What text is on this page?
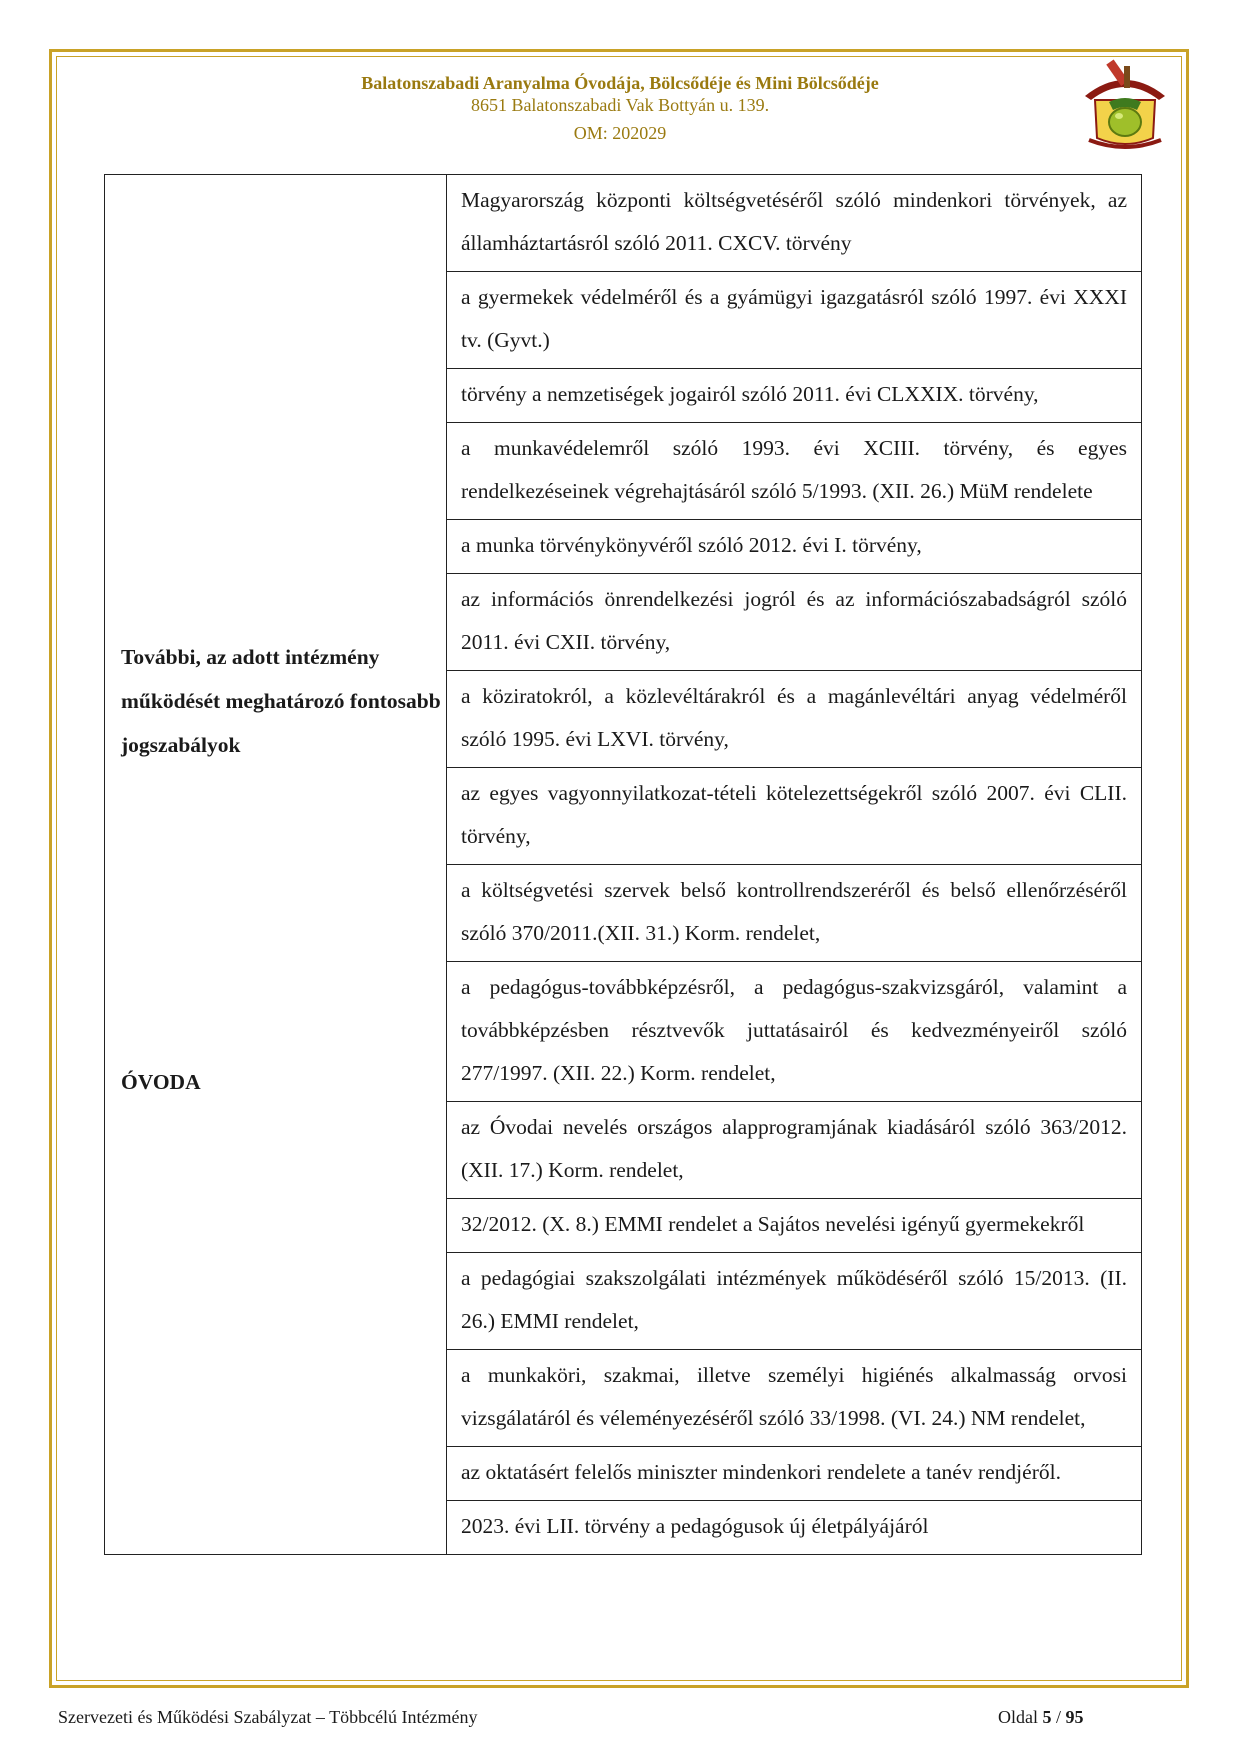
Balatonszabadi Aranyalma Óvodája, Bölcsődéje és Mini Bölcsődéje
8651 Balatonszabadi Vak Bottyán u. 139.
OM: 202029
További, az adott intézmény működését meghatározó fontosabb jogszabályok
ÓVODA
	Magyarország központi költségvetéséről szóló mindenkori törvények, az államháztartásról szóló 2011. CXCV. törvény
a gyermekek védelméről és a gyámügyi igazgatásról szóló 1997. évi XXXI tv. (Gyvt.)
törvény a nemzetiségek jogairól szóló 2011. évi CLXXIX. törvény,
a munkavédelemről szóló 1993. évi XCIII. törvény, és egyes rendelkezéseinek végrehajtásáról szóló 5/1993. (XII. 26.) MüM rendelete
a munka törvénykönyvéről szóló 2012. évi I. törvény,
az információs önrendelkezési jogról és az információszabadságról szóló 2011. évi CXII. törvény,
a köziratokról, a közlevéltárakról és a magánlevéltári anyag védelméről szóló 1995. évi LXVI. törvény,
az egyes vagyonnyilatkozat-tételi kötelezettségekről szóló 2007. évi CLII. törvény,
a költségvetési szervek belső kontrollrendszeréről és belső ellenőrzéséről szóló 370/2011.(XII. 31.) Korm. rendelet,
a pedagógus-továbbképzésről, a pedagógus-szakvizsgáról, valamint a továbbképzésben résztvevők juttatásairól és kedvezményeiről szóló 277/1997. (XII. 22.) Korm. rendelet,
az Óvodai nevelés országos alapprogramjának kiadásáról szóló 363/2012. (XII. 17.) Korm. rendelet,
32/2012. (X. 8.) EMMI rendelet a Sajátos nevelési igényű gyermekekről
a pedagógiai szakszolgálati intézmények működéséről szóló 15/2013. (II. 26.) EMMI rendelet,
a munkaköri, szakmai, illetve személyi higiénés alkalmasság orvosi vizsgálatáról és véleményezéséről szóló 33/1998. (VI. 24.) NM rendelet,
az oktatásért felelős miniszter mindenkori rendelete a tanév rendjéről.
2023. évi LII. törvény a pedagógusok új életpályájáról
Szervezeti és Működési Szabályzat – Többcélú Intézmény	Oldal 5 / 95
